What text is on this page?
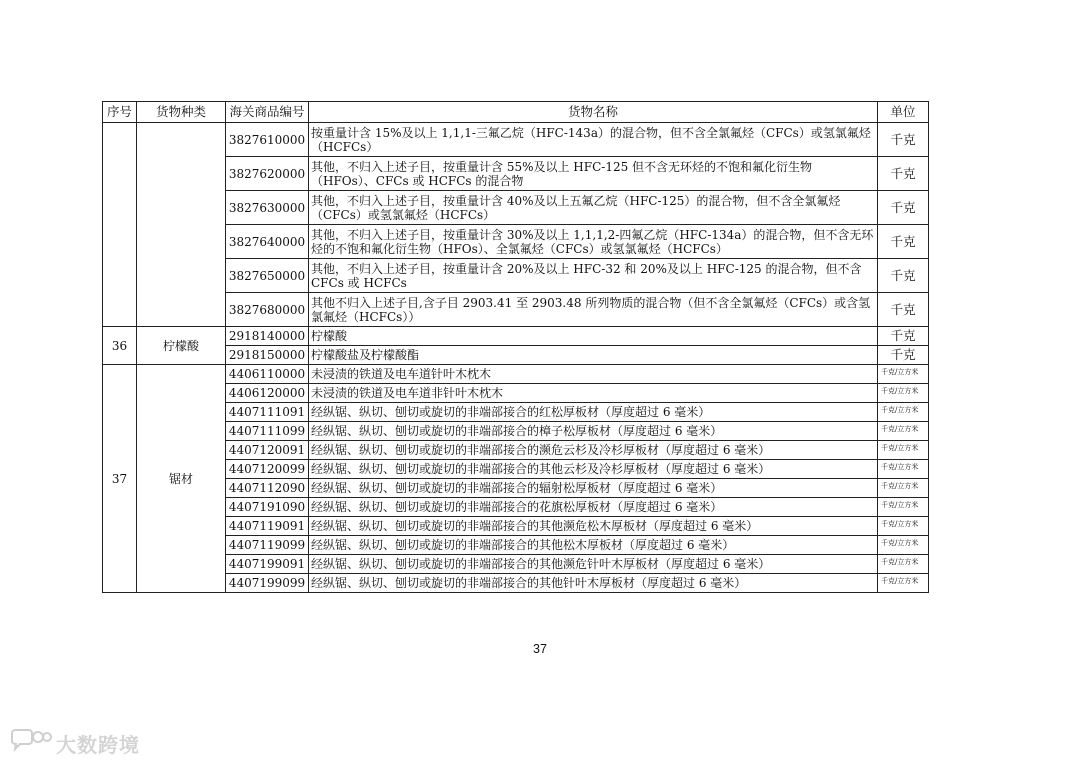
序号	货物种类	海关商品编号	货物名称	单位
		3827610000	按重量计含 15%及以上 1,1,1-三氟乙烷（HFC-143a）的混合物，但不含全氯氟烃（CFCs）或氢氯氟烃（HCFCs）	千克
		3827620000	其他，不归入上述子目，按重量计含 55%及以上 HFC-125 但不含无环烃的不饱和氟化衍生物（HFOs）、CFCs 或 HCFCs 的混合物	千克
		3827630000	其他，不归入上述子目，按重量计含 40%及以上五氟乙烷（HFC-125）的混合物，但不含全氯氟烃（CFCs）或氢氯氟烃（HCFCs）	千克
		3827640000	其他，不归入上述子目，按重量计含 30%及以上 1,1,1,2-四氟乙烷（HFC-134a）的混合物，但不含无环烃的不饱和氟化衍生物（HFOs）、全氯氟烃（CFCs）或氢氯氟烃（HCFCs）	千克
		3827650000	其他，不归入上述子目，按重量计含 20%及以上 HFC-32 和 20%及以上 HFC-125 的混合物，但不含 CFCs 或 HCFCs	千克
		3827680000	其他不归入上述子目,含子目 2903.41 至 2903.48 所列物质的混合物（但不含全氯氟烃（CFCs）或含氢氯氟烃（HCFCs））	千克
36	柠檬酸	2918140000	柠檬酸	千克
		2918150000	柠檬酸盐及柠檬酸酯	千克
37	锯材	4406110000	未浸渍的铁道及电车道针叶木枕木	千克/立方米
		4406120000	未浸渍的铁道及电车道非针叶木枕木	千克/立方米
		4407111091	经纵锯、纵切、刨切或旋切的非端部接合的红松厚板材（厚度超过 6 毫米）	千克/立方米
		4407111099	经纵锯、纵切、刨切或旋切的非端部接合的樟子松厚板材（厚度超过 6 毫米）	千克/立方米
		4407120091	经纵锯、纵切、刨切或旋切的非端部接合的濒危云杉及冷杉厚板材（厚度超过 6 毫米）	千克/立方米
		4407120099	经纵锯、纵切、刨切或旋切的非端部接合的其他云杉及冷杉厚板材（厚度超过 6 毫米）	千克/立方米
		4407112090	经纵锯、纵切、刨切或旋切的非端部接合的辐射松厚板材（厚度超过 6 毫米）	千克/立方米
		4407191090	经纵锯、纵切、刨切或旋切的非端部接合的花旗松厚板材（厚度超过 6 毫米）	千克/立方米
		4407119091	经纵锯、纵切、刨切或旋切的非端部接合的其他濒危松木厚板材（厚度超过 6 毫米）	千克/立方米
		4407119099	经纵锯、纵切、刨切或旋切的非端部接合的其他松木厚板材（厚度超过 6 毫米）	千克/立方米
		4407199091	经纵锯、纵切、刨切或旋切的非端部接合的其他濒危针叶木厚板材（厚度超过 6 毫米）	千克/立方米
		4407199099	经纵锯、纵切、刨切或旋切的非端部接合的其他针叶木厚板材（厚度超过 6 毫米）	千克/立方米
37
大数跨境
